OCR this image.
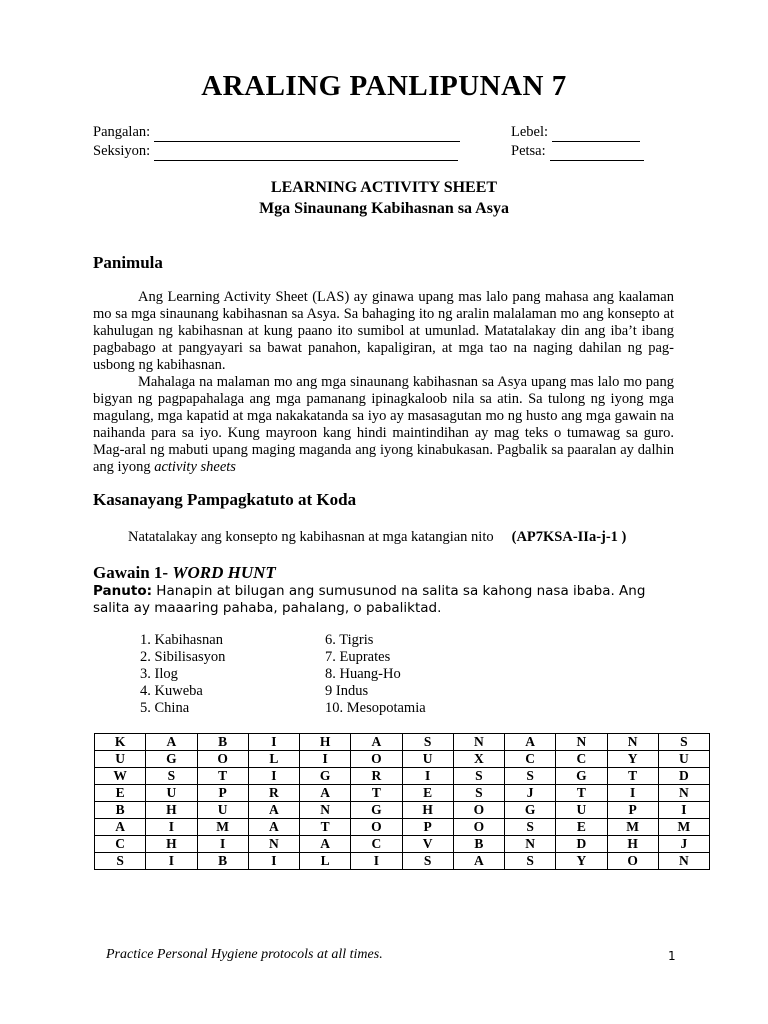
ARALING PANLIPUNAN 7
Pangalan:
Seksiyon:
Lebel:
Petsa:
LEARNING ACTIVITY SHEET
Mga Sinaunang Kabihasnan sa Asya
Panimula

Ang Learning Activity Sheet (LAS) ay ginawa upang mas lalo pang mahasa ang kaalaman mo sa mga sinaunang kabihasnan sa Asya. Sa bahaging ito ng aralin malalaman mo ang konsepto at kahulugan ng kabihasnan at kung paano ito sumibol at umunlad. Matatalakay din ang iba’t ibang pagbabago at pangyayari sa bawat panahon, kapaligiran, at mga tao na naging dahilan ng pag-usbong ng kabihasnan.

Mahalaga na malaman mo ang mga sinaunang kabihasnan sa Asya upang mas lalo mo pang bigyan ng pagpapahalaga ang mga pamanang ipinagkaloob nila sa atin. Sa tulong ng iyong mga magulang, mga kapatid at mga nakakatanda sa iyo ay masasagutan mo ng husto ang mga gawain na naihanda para sa iyo. Kung mayroon kang hindi maintindihan ay mag teks o tumawag sa guro. Mag-aral ng mabuti upang maging maganda ang iyong kinabukasan. Pagbalik sa paaralan ay dalhin ang iyong activity sheets

Kasanayang Pampagkatuto at Koda
Natatalakay ang konsepto ng kabihasnan at mga katangian nito (AP7KSA-IIa-j-1 )
Gawain 1- WORD HUNT
Panuto: Hanapin at bilugan ang sumusunod na salita sa kahong nasa ibaba. Ang salita ay maaaring pahaba, pahalang, o pabaliktad.
1. Kabihasnan
2. Sibilisasyon
3. Ilog
4. Kuweba
5. China
6. Tigris
7. Euprates
8. Huang-Ho
9 Indus
10. Mesopotamia
K	A	B	I	H	A	S	N	A	N	N	S
U	G	O	L	I	O	U	X	C	C	Y	U
W	S	T	I	G	R	I	S	S	G	T	D
E	U	P	R	A	T	E	S	J	T	I	N
B	H	U	A	N	G	H	O	G	U	P	I
A	I	M	A	T	O	P	O	S	E	M	M
C	H	I	N	A	C	V	B	N	D	H	J
S	I	B	I	L	I	S	A	S	Y	O	N
Practice Personal Hygiene protocols at all times.	1
